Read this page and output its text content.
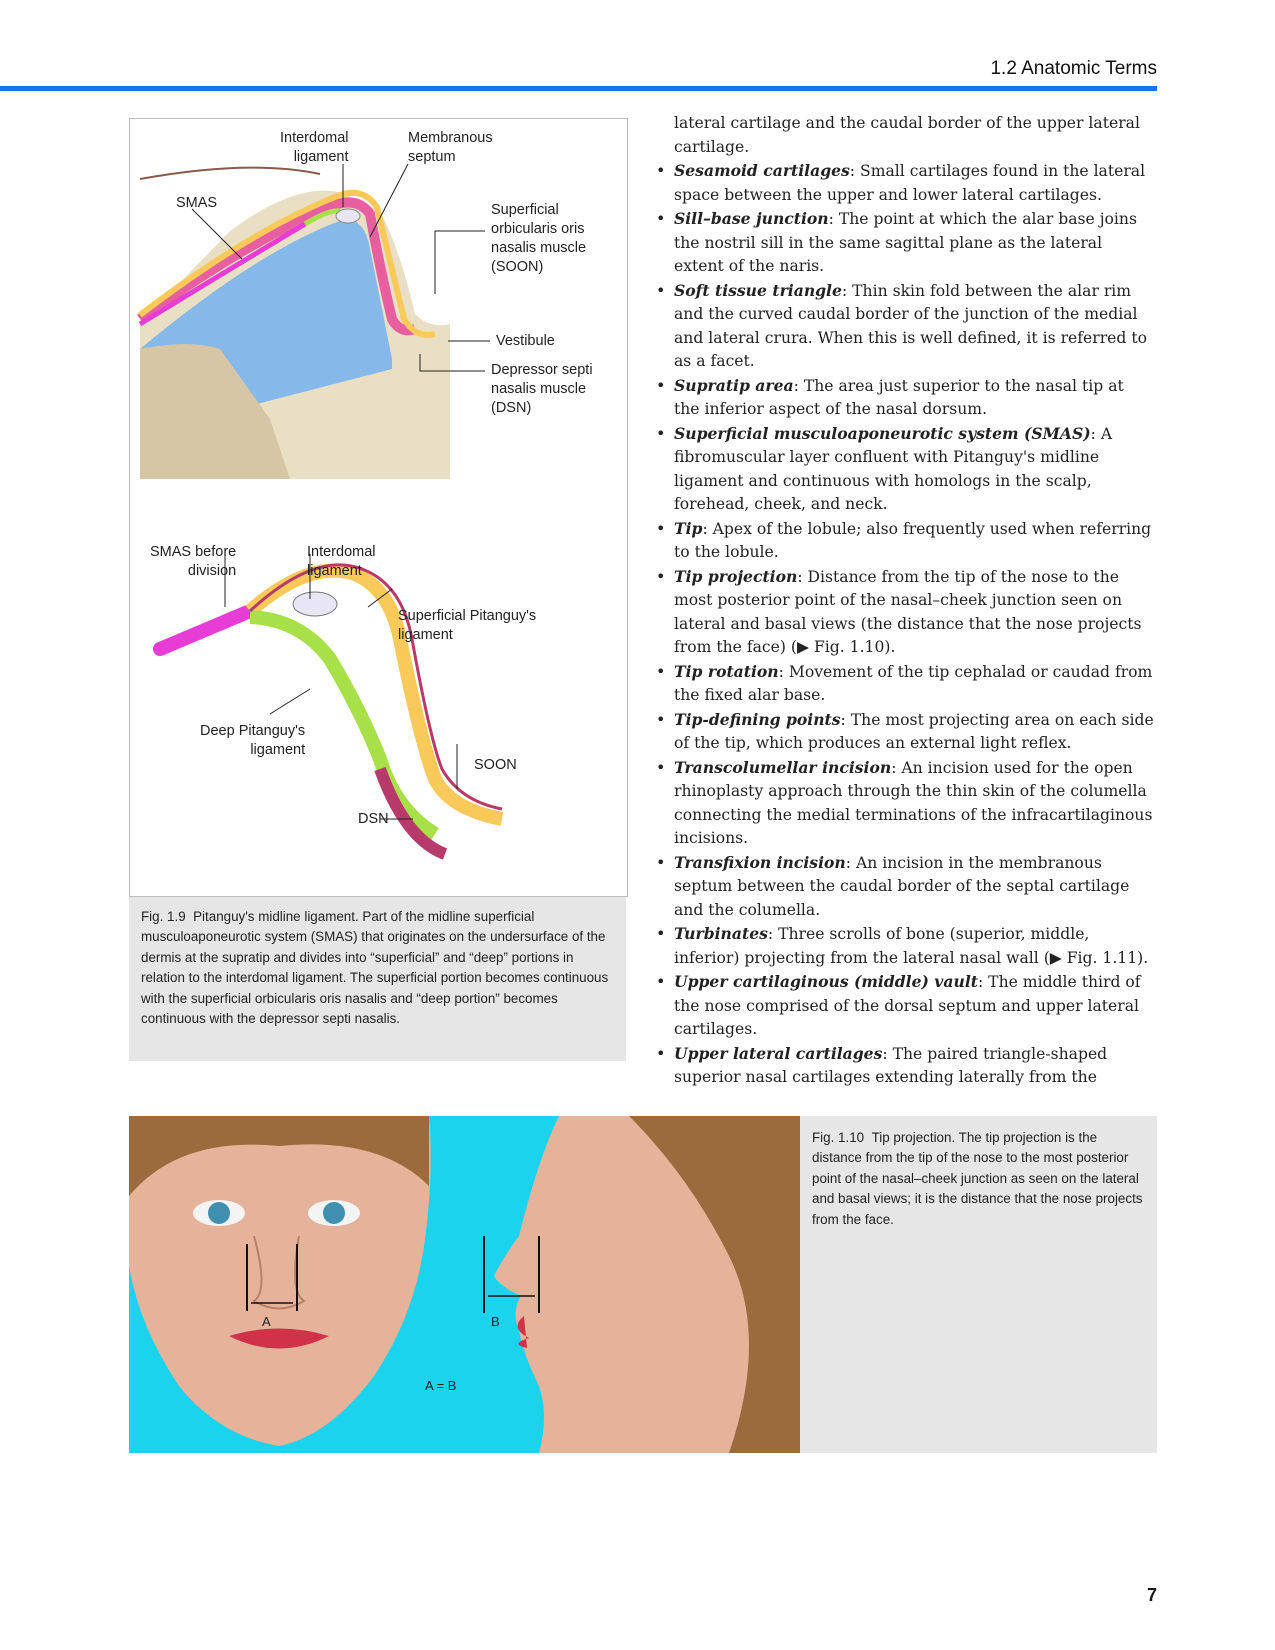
1.2 Anatomic Terms
Interdomal
ligament
Membranous
septum
SMAS	Superficial
orbicularis oris
nasalis muscle
(SOON)
Vestibule
Depressor septi
nasalis muscle
(DSN)
SMAS before
division
Interdomal
ligament
Superficial Pitanguy's
ligament
Deep Pitanguy's
ligament
SOON
DSN

Fig. 1.9 Pitanguy's midline ligament. Part of the midline superficial musculoaponeurotic system (SMAS) that originates on the undersurface of the dermis at the supratip and divides into “superficial” and “deep” portions in relation to the interdomal ligament. The superficial portion becomes continuous with the superficial orbicularis oris nasalis and “deep portion” becomes continuous with the depressor septi nasalis.

lateral cartilage and the caudal border of the upper lateral cartilage.

• Sesamoid cartilages: Small cartilages found in the lateral space between the upper and lower lateral cartilages.
• Sill–base junction: The point at which the alar base joins the nostril sill in the same sagittal plane as the lateral extent of the naris.
• Soft tissue triangle: Thin skin fold between the alar rim and the curved caudal border of the junction of the medial and lateral crura. When this is well defined, it is referred to as a facet.
• Supratip area: The area just superior to the nasal tip at the inferior aspect of the nasal dorsum.
• Superficial musculoaponeurotic system (SMAS): A fibromuscular layer confluent with Pitanguy's midline ligament and continuous with homologs in the scalp, forehead, cheek, and neck.
• Tip: Apex of the lobule; also frequently used when referring to the lobule.
• Tip projection: Distance from the tip of the nose to the most posterior point of the nasal–cheek junction seen on lateral and basal views (the distance that the nose projects from the face) (▶ Fig. 1.10).
• Tip rotation: Movement of the tip cephalad or caudad from the fixed alar base.
• Tip-defining points: The most projecting area on each side of the tip, which produces an external light reflex.
• Transcolumellar incision: An incision used for the open rhinoplasty approach through the thin skin of the columella connecting the medial terminations of the infracartilaginous incisions.
• Transfixion incision: An incision in the membranous septum between the caudal border of the septal cartilage and the columella.
• Turbinates: Three scrolls of bone (superior, middle, inferior) projecting from the lateral nasal wall (▶ Fig. 1.11).
• Upper cartilaginous (middle) vault: The middle third of the nose comprised of the dorsal septum and upper lateral cartilages.
• Upper lateral cartilages: The paired triangle-shaped superior nasal cartilages extending laterally from the
A	B
A = B

Fig. 1.10 Tip projection. The tip projection is the distance from the tip of the nose to the most posterior point of the nasal–cheek junction as seen on the lateral and basal views; it is the distance that the nose projects from the face.

7
